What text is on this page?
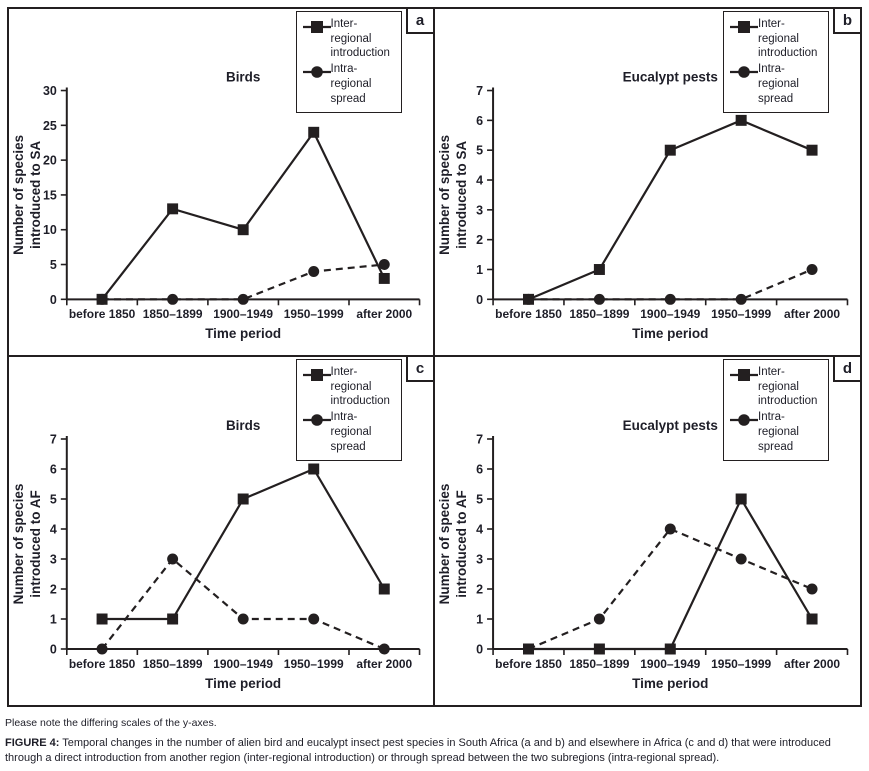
Inter-regional
introduction
Intra-regional
spread
a
0
5
10
15
20
25
30
before 1850 1850–1899 1900–1949 1950–1999 after 2000
Birds
Time period
Number of species introduced to SA
Inter-regional
introduction
Intra-regional
spread
b
0
1
2
3
4
5
6
7
before 1850 1850–1899 1900–1949 1950–1999 after 2000
Eucalypt pests
Time period
Number of species introduced to SA
Inter-regional
introduction
Intra-regional
spread
c
0
1
2
3
4
5
6
7
before 1850 1850–1899 1900–1949 1950–1999 after 2000
Birds
Time period
Number of species introduced to AF
Inter-regional
introduction
Intra-regional
spread
d
0
1
2
3
4
5
6
7
before 1850 1850–1899 1900–1949 1950–1999 after 2000
Eucalypt pests
Time period
Number of species introduced to AF

Please note the differing scales of the y-axes.

FIGURE 4: Temporal changes in the number of alien bird and eucalypt insect pest species in South Africa (a and b) and elsewhere in Africa (c and d) that were introduced through a direct introduction from another region (inter-regional introduction) or through spread between the two subregions (intra-regional spread).
